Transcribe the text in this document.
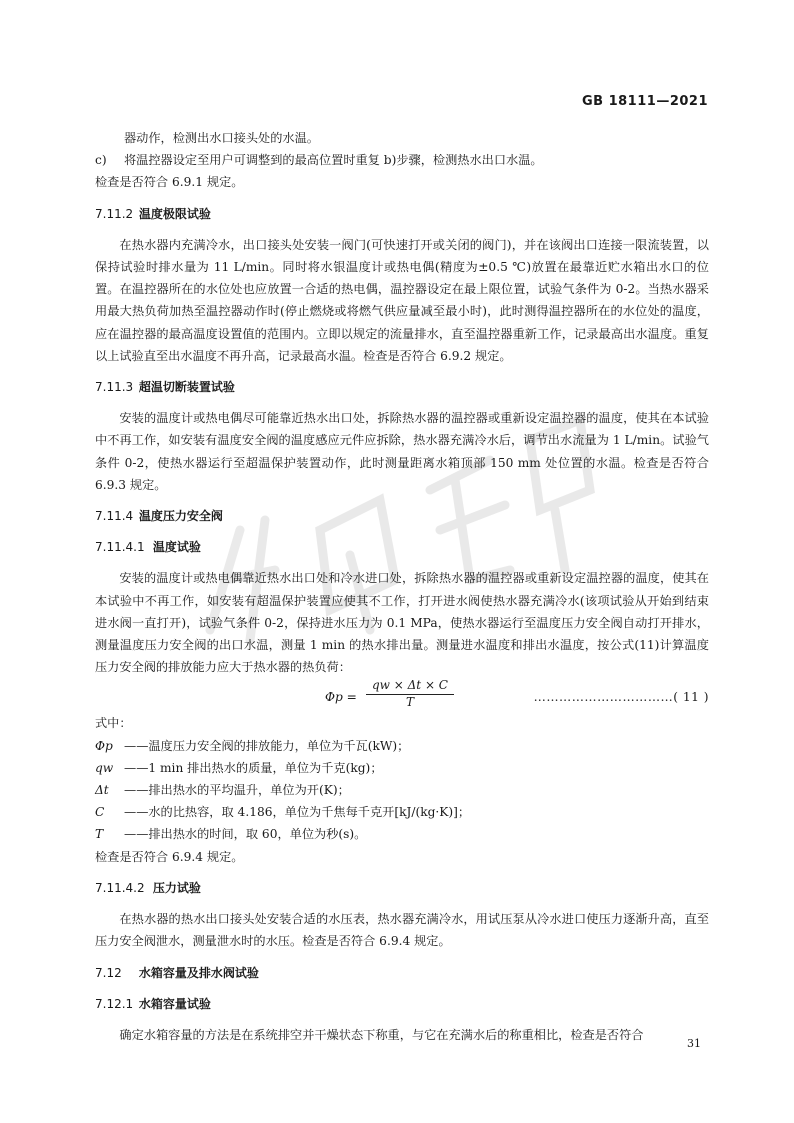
GB 18111—2021

器动作，检测出水口接头处的水温。

c) 将温控器设定至用户可调整到的最高位置时重复 b)步骤，检测热水出口水温。

检查是否符合 6.9.1 规定。

7.11.2 温度极限试验

在热水器内充满冷水，出口接头处安装一阀门(可快速打开或关闭的阀门)，并在该阀出口连接一限流装置，以保持试验时排水量为 11 L/min。同时将水银温度计或热电偶(精度为±0.5 ℃)放置在最靠近贮水箱出水口的位置。在温控器所在的水位处也应放置一合适的热电偶，温控器设定在最上限位置，试验气条件为 0-2。当热水器采用最大热负荷加热至温控器动作时(停止燃烧或将燃气供应量减至最小时)，此时测得温控器所在的水位处的温度，应在温控器的最高温度设置值的范围内。立即以规定的流量排水，直至温控器重新工作，记录最高出水温度。重复以上试验直至出水温度不再升高，记录最高水温。检查是否符合 6.9.2 规定。

7.11.3 超温切断装置试验

安装的温度计或热电偶尽可能靠近热水出口处，拆除热水器的温控器或重新设定温控器的温度，使其在本试验中不再工作，如安装有温度安全阀的温度感应元件应拆除，热水器充满冷水后，调节出水流量为 1 L/min。试验气条件 0-2，使热水器运行至超温保护装置动作，此时测量距离水箱顶部 150 mm 处位置的水温。检查是否符合 6.9.3 规定。

7.11.4 温度压力安全阀
7.11.4.1 温度试验

安装的温度计或热电偶靠近热水出口处和冷水进口处，拆除热水器的温控器或重新设定温控器的温度，使其在本试验中不再工作，如安装有超温保护装置应使其不工作，打开进水阀使热水器充满冷水(该项试验从开始到结束进水阀一直打开)，试验气条件 0-2，保持进水压力为 0.1 MPa，使热水器运行至温度压力安全阀自动打开排水，测量温度压力安全阀的出口水温，测量 1 min 的热水排出量。测量进水温度和排出水温度，按公式(11)计算温度压力安全阀的排放能力应大于热水器的热负荷：

$\Phi p = \frac{qw \times \Delta t \times C}{T}$	……………………………( 11 )

式中：

Φp ——温度压力安全阀的排放能力，单位为千瓦(kW)；

qw ——1 min 排出热水的质量，单位为千克(kg)；

Δt ——排出热水的平均温升，单位为开(K)；

C ——水的比热容，取 4.186，单位为千焦每千克开[kJ/(kg·K)]；

T ——排出热水的时间，取 60，单位为秒(s)。

检查是否符合 6.9.4 规定。

7.11.4.2 压力试验

在热水器的热水出口接头处安装合适的水压表，热水器充满冷水，用试压泵从冷水进口使压力逐渐升高，直至压力安全阀泄水，测量泄水时的水压。检查是否符合 6.9.4 规定。

7.12 水箱容量及排水阀试验
7.12.1 水箱容量试验

确定水箱容量的方法是在系统排空并干燥状态下称重，与它在充满水后的称重相比，检查是否符合

31
